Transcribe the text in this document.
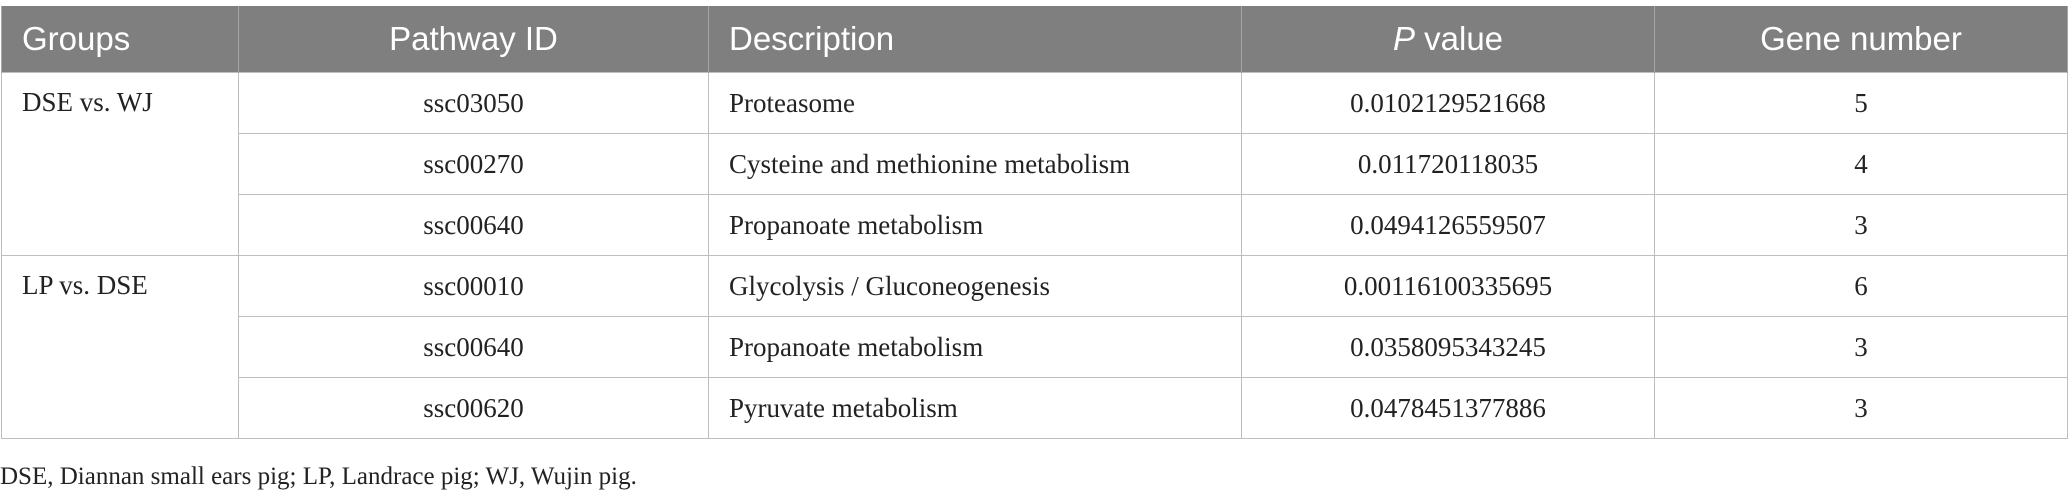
Groups	Pathway ID	Description	P value	Gene number
DSE vs. WJ	ssc03050	Proteasome	0.0102129521668	5
	ssc00270	Cysteine and methionine metabolism	0.011720118035	4
	ssc00640	Propanoate metabolism	0.0494126559507	3
LP vs. DSE	ssc00010	Glycolysis / Gluconeogenesis	0.00116100335695	6
	ssc00640	Propanoate metabolism	0.0358095343245	3
	ssc00620	Pyruvate metabolism	0.0478451377886	3
DSE, Diannan small ears pig; LP, Landrace pig; WJ, Wujin pig.
